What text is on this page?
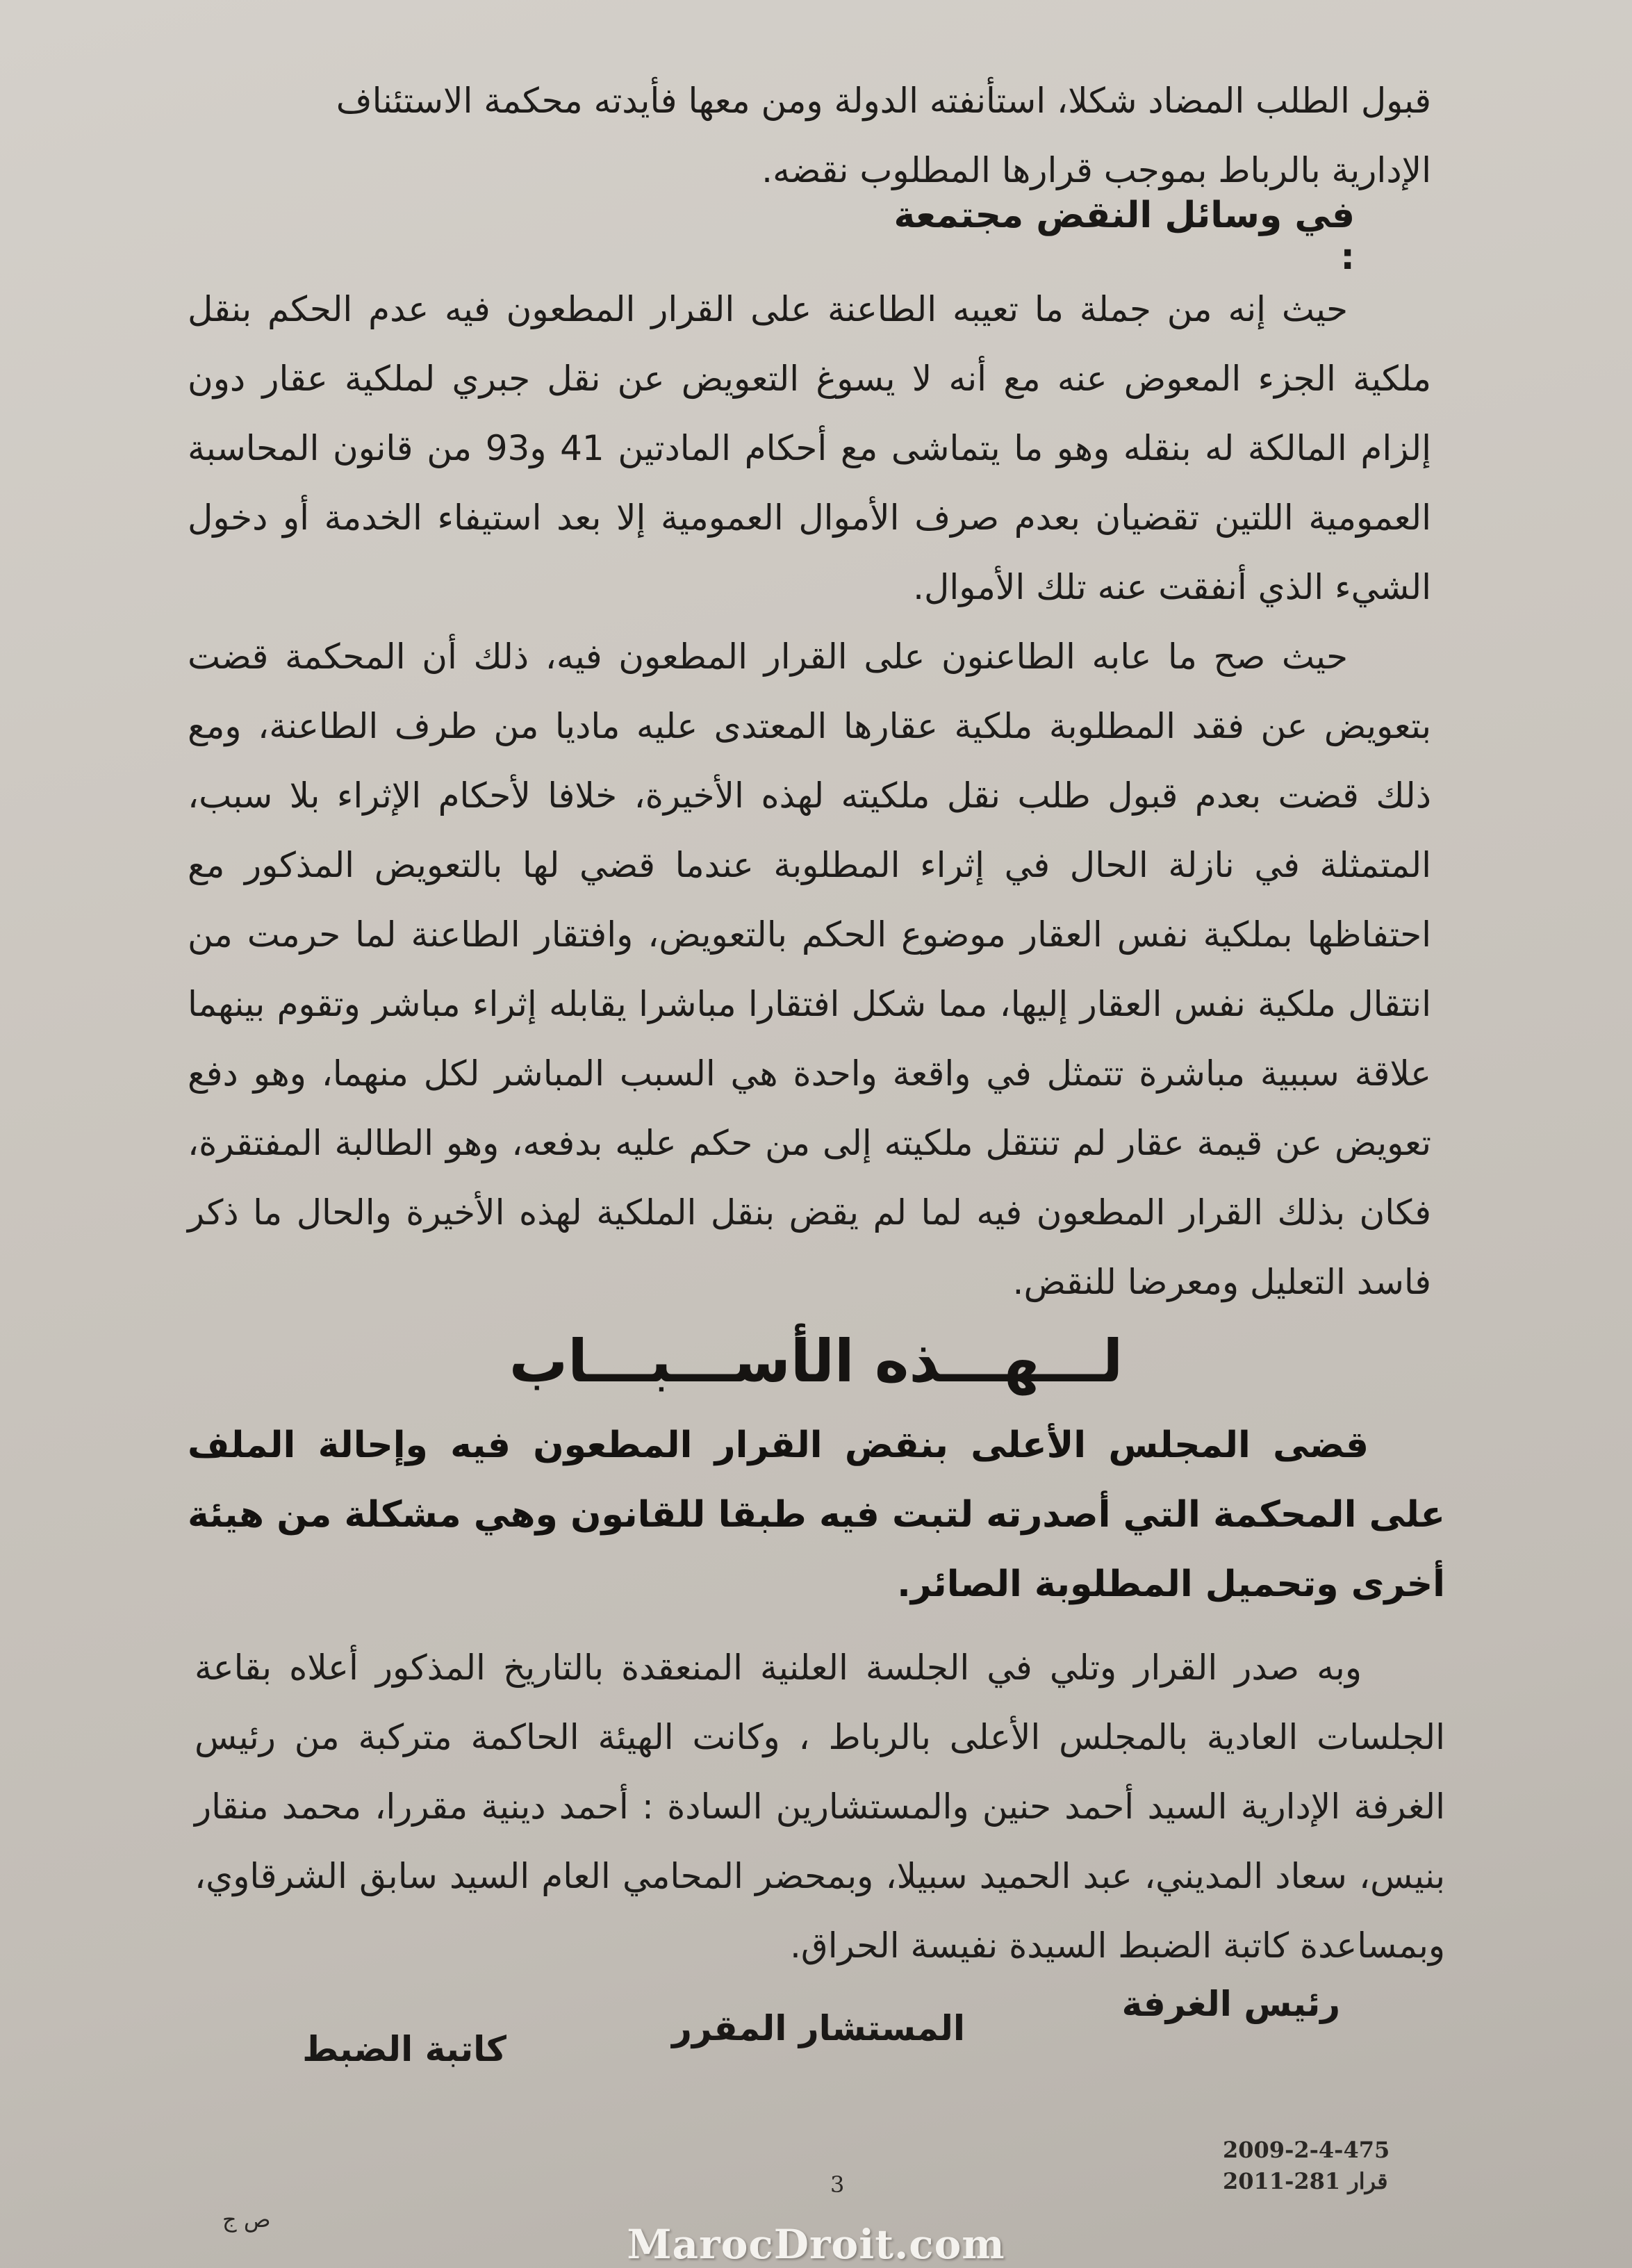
قبول الطلب المضاد شكلا، استأنفته الدولة ومن معها فأيدته محكمة الاستئناف

الإدارية بالرباط بموجب قرارها المطلوب نقضه.

في وسائل النقض مجتمعة :

حيث إنه من جملة ما تعيبه الطاعنة على القرار المطعون فيه عدم الحكم بنقل ملكية الجزء المعوض عنه مع أنه لا يسوغ التعويض عن نقل جبري لملكية عقار دون إلزام المالكة له بنقله وهو ما يتماشى مع أحكام المادتين 41 و93 من قانون المحاسبة العمومية اللتين تقضيان بعدم صرف الأموال العمومية إلا بعد استيفاء الخدمة أو دخول الشيء الذي أنفقت عنه تلك الأموال.

حيث صح ما عابه الطاعنون على القرار المطعون فيه، ذلك أن المحكمة قضت بتعويض عن فقد المطلوبة ملكية عقارها المعتدى عليه ماديا من طرف الطاعنة، ومع ذلك قضت بعدم قبول طلب نقل ملكيته لهذه الأخيرة، خلافا لأحكام الإثراء بلا سبب، المتمثلة في نازلة الحال في إثراء المطلوبة عندما قضي لها بالتعويض المذكور مع احتفاظها بملكية نفس العقار موضوع الحكم بالتعويض، وافتقار الطاعنة لما حرمت من انتقال ملكية نفس العقار إليها، مما شكل افتقارا مباشرا يقابله إثراء مباشر وتقوم بينهما علاقة سببية مباشرة تتمثل في واقعة واحدة هي السبب المباشر لكل منهما، وهو دفع تعويض عن قيمة عقار لم تنتقل ملكيته إلى من حكم عليه بدفعه، وهو الطالبة المفتقرة، فكان بذلك القرار المطعون فيه لما لم يقض بنقل الملكية لهذه الأخيرة والحال ما ذكر فاسد التعليل ومعرضا للنقض.

لـــهـــذه الأســـبـــاب
قضى المجلس الأعلى بنقض القرار المطعون فيه وإحالة الملف على المحكمة التي أصدرته لتبت فيه طبقا للقانون وهي مشكلة من هيئة أخرى وتحميل المطلوبة الصائر.
وبه صدر القرار وتلي في الجلسة العلنية المنعقدة بالتاريخ المذكور أعلاه بقاعة الجلسات العادية بالمجلس الأعلى بالرباط ، وكانت الهيئة الحاكمة متركبة من رئيس الغرفة الإدارية السيد أحمد حنين والمستشارين السادة : أحمد دينية مقررا، محمد منقار بنيس، سعاد المديني، عبد الحميد سبيلا، وبمحضر المحامي العام السيد سابق الشرقاوي، وبمساعدة كاتبة الضبط السيدة نفيسة الحراق.
رئيس الغرفة
المستشار المقرر
كاتبة الضبط
2009-2-4-475
قرار 2011-281
3
ص ج
MarocDroit.com
